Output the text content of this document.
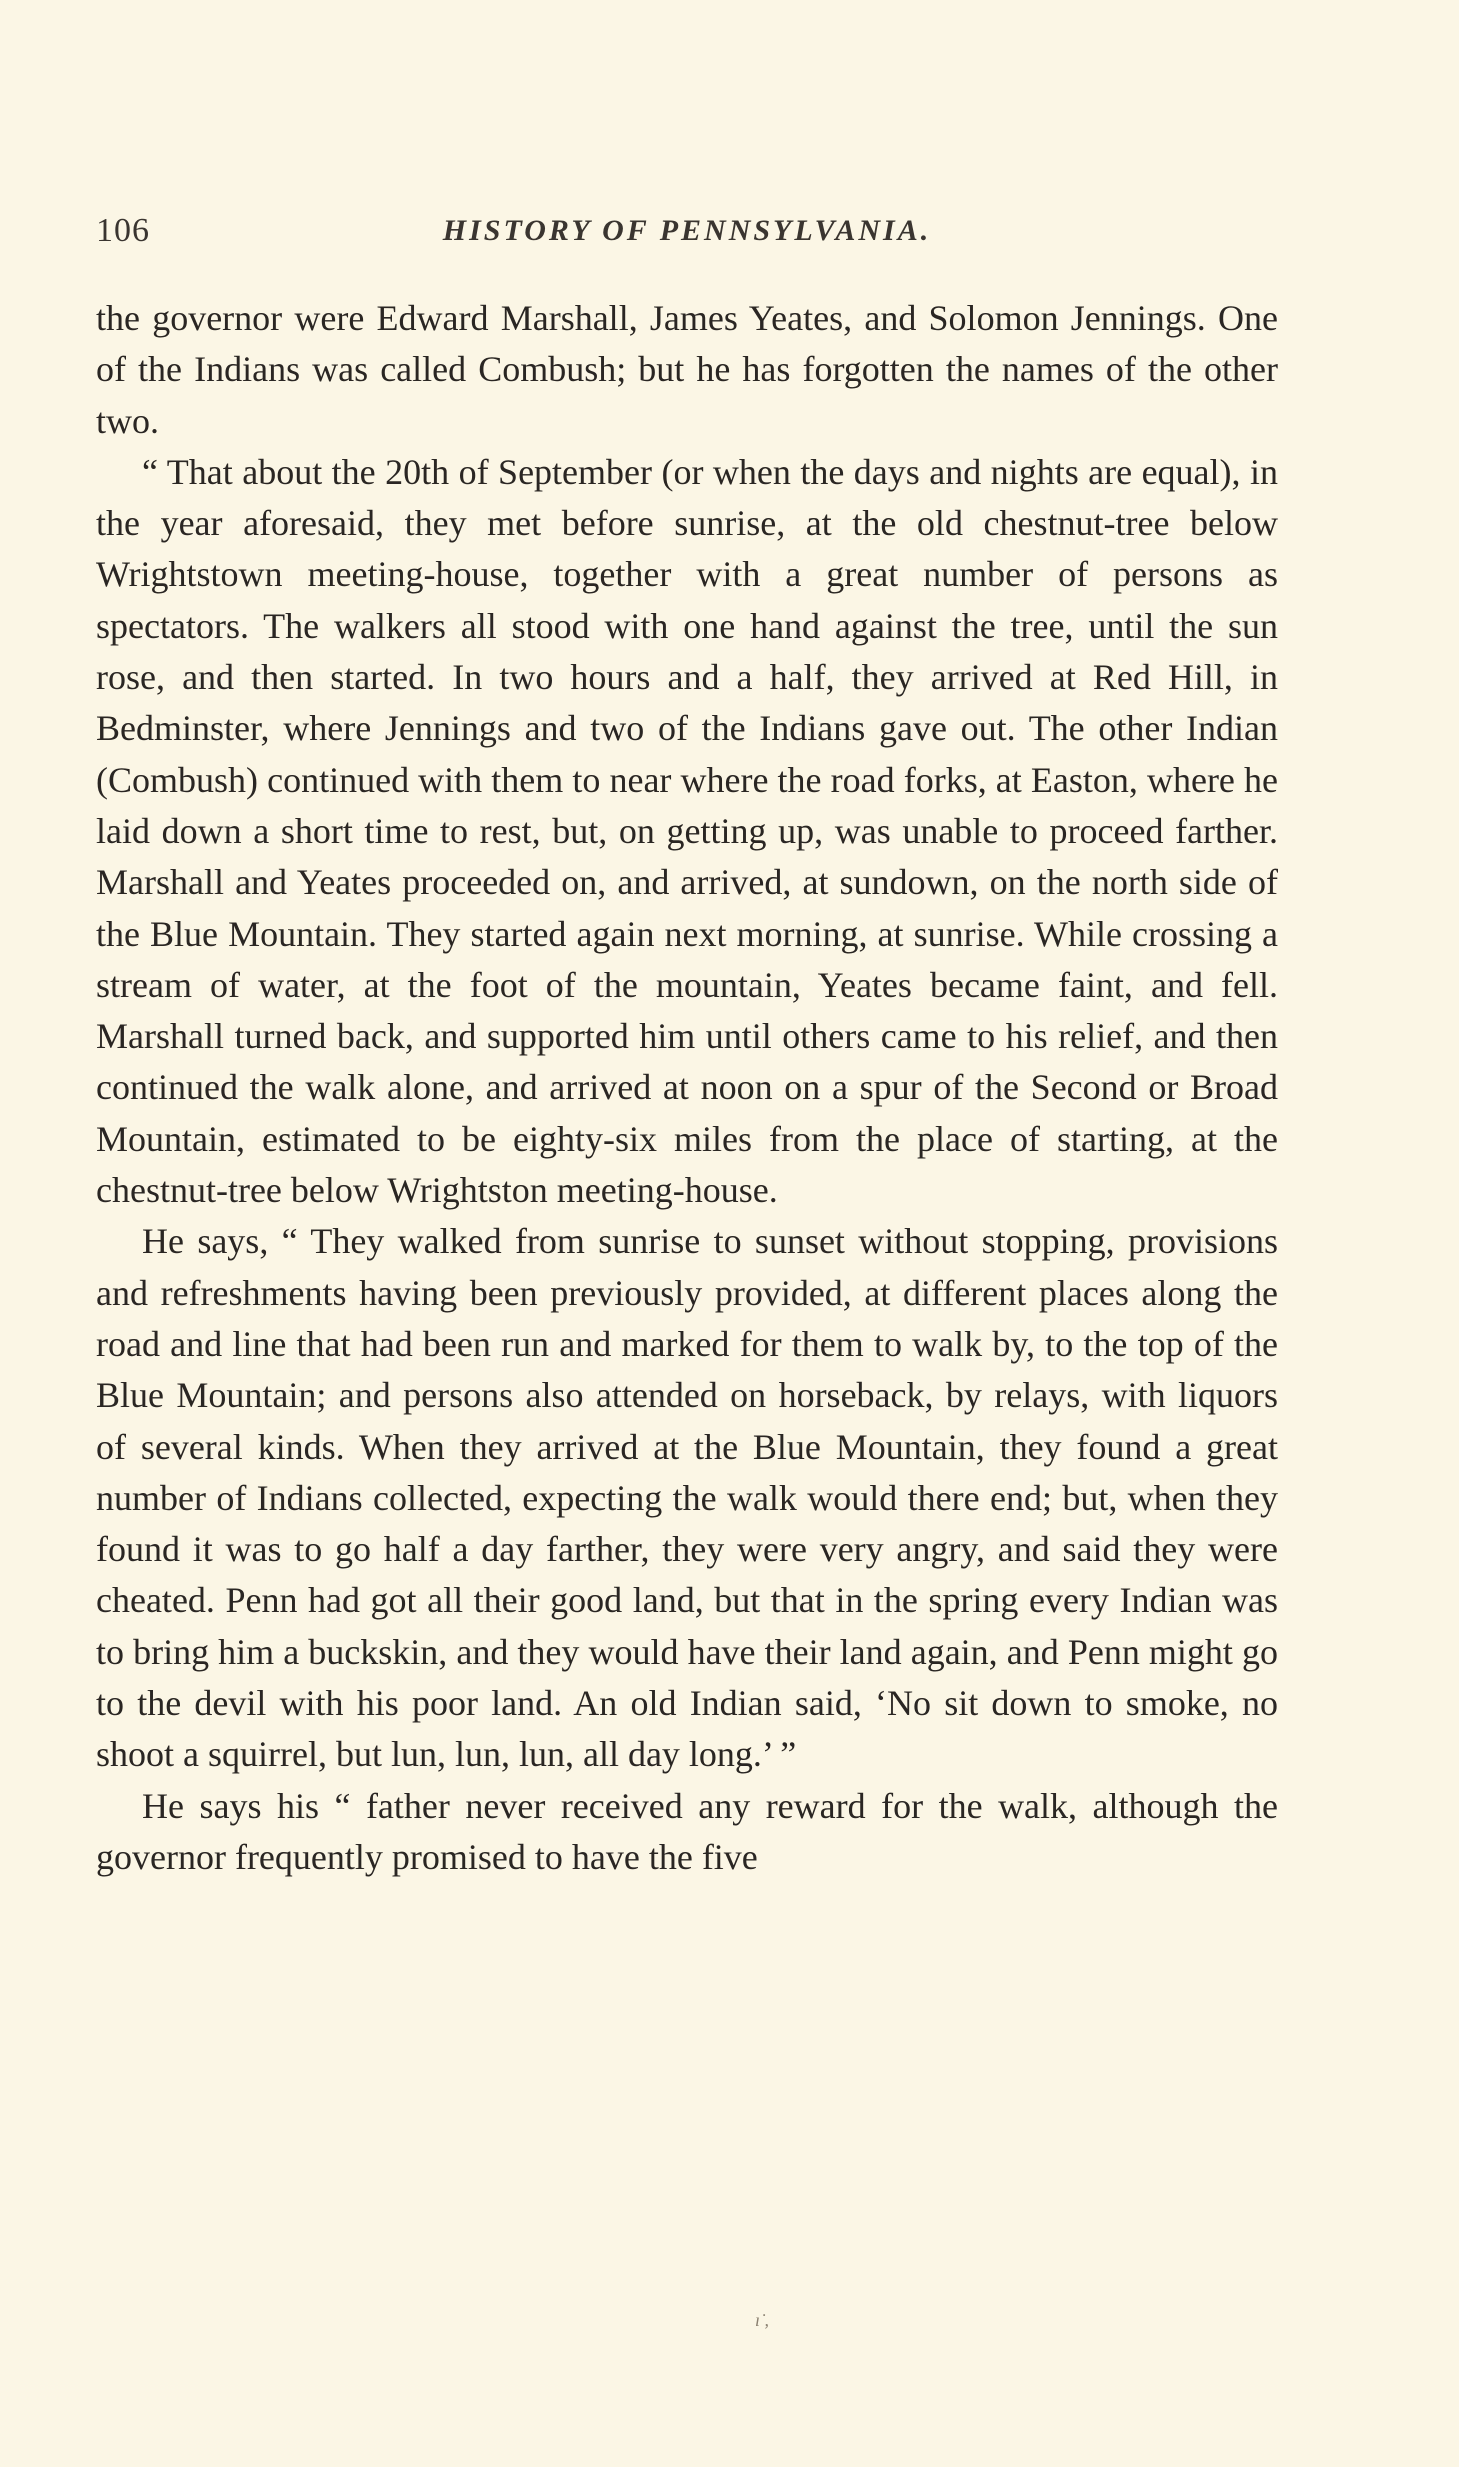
106	HISTORY OF PENNSYLVANIA.

the governor were Edward Marshall, James Yeates, and Solomon Jennings. One of the Indians was called Combush; but he has forgotten the names of the other two.

“ That about the 20th of September (or when the days and nights are equal), in the year aforesaid, they met before sunrise, at the old chestnut-tree below Wrightstown meeting-house, together with a great number of persons as spectators. The walkers all stood with one hand against the tree, until the sun rose, and then started. In two hours and a half, they arrived at Red Hill, in Bedminster, where Jennings and two of the Indians gave out. The other Indian (Combush) continued with them to near where the road forks, at Easton, where he laid down a short time to rest, but, on getting up, was unable to proceed farther. Marshall and Yeates proceeded on, and arrived, at sundown, on the north side of the Blue Mountain. They started again next morning, at sunrise. While crossing a stream of water, at the foot of the mountain, Yeates became faint, and fell. Marshall turned back, and supported him until others came to his relief, and then continued the walk alone, and arrived at noon on a spur of the Second or Broad Mountain, estimated to be eighty-six miles from the place of starting, at the chestnut-tree below Wrightston meeting-house.

He says, “ They walked from sunrise to sunset without stopping, provisions and refreshments having been previously provided, at different places along the road and line that had been run and marked for them to walk by, to the top of the Blue Mountain; and persons also attended on horseback, by relays, with liquors of several kinds. When they arrived at the Blue Mountain, they found a great number of Indians collected, expecting the walk would there end; but, when they found it was to go half a day farther, they were very angry, and said they were cheated. Penn had got all their good land, but that in the spring every Indian was to bring him a buckskin, and they would have their land again, and Penn might go to the devil with his poor land. An old Indian said, ‘No sit down to smoke, no shoot a squirrel, but lun, lun, lun, all day long.’ ”

He says his “ father never received any reward for the walk, although the governor frequently promised to have the five

ı̇ ,
